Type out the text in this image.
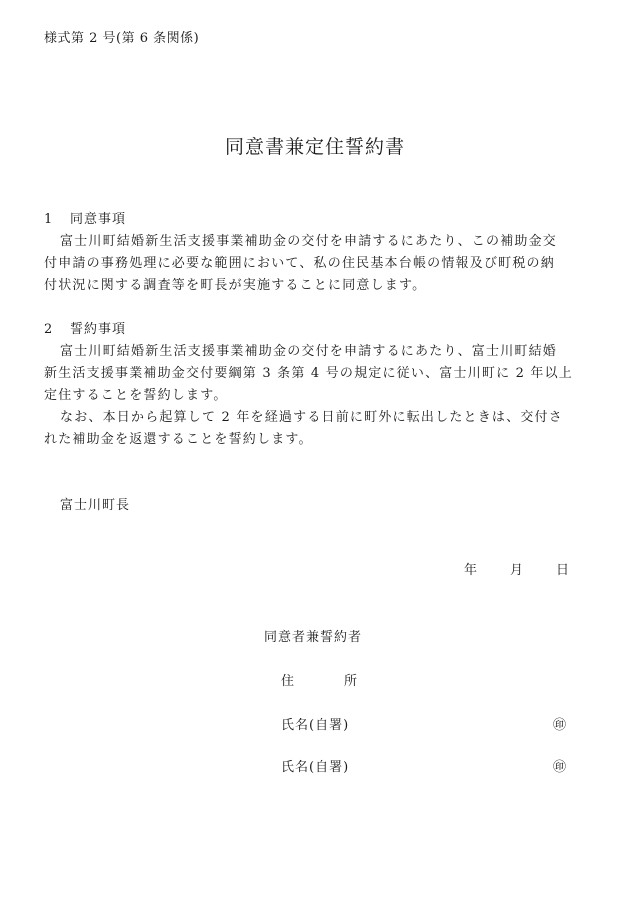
様式第 2 号(第 6 条関係)
同意書兼定住誓約書
1 同意事項
富士川町結婚新生活支援事業補助金の交付を申請するにあたり、この補助金交
付申請の事務処理に必要な範囲において、私の住民基本台帳の情報及び町税の納
付状況に関する調査等を町長が実施することに同意します。
2 誓約事項
富士川町結婚新生活支援事業補助金の交付を申請するにあたり、富士川町結婚
新生活支援事業補助金交付要綱第 3 条第 4 号の規定に従い、富士川町に 2 年以上
定住することを誓約します。
なお、本日から起算して 2 年を経過する日前に町外に転出したときは、交付さ
れた補助金を返還することを誓約します。
富士川町長
年	月	日
同意者兼誓約者
住	所
氏名(自署)	㊞
氏名(自署)	㊞
